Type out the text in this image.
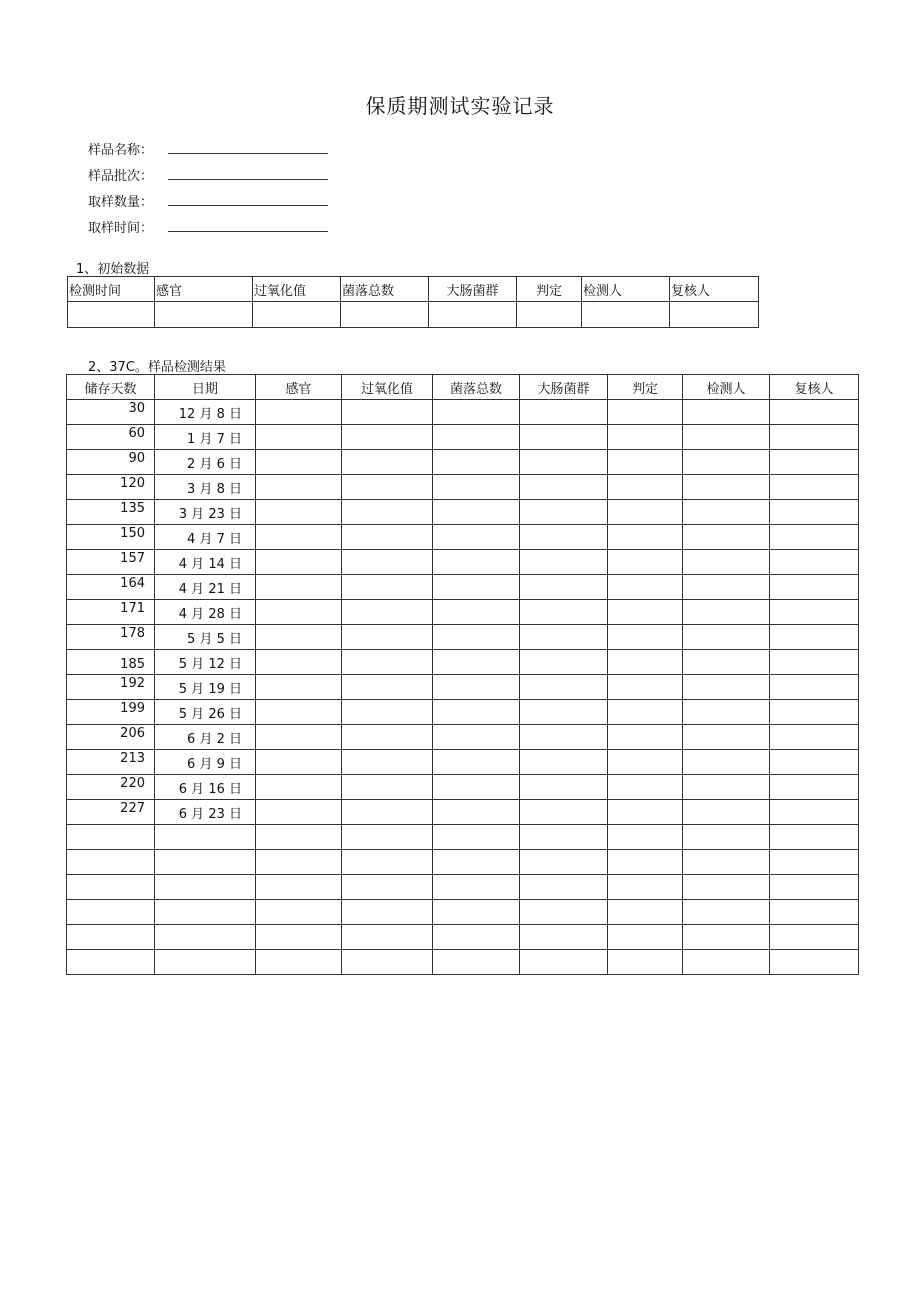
保质期测试实验记录
样品名称：
样品批次：
取样数量：
取样时间：
1、初始数据
检测时间	感官	过氧化值	菌落总数	大肠菌群	判定	检测人	复核人

2、37C。样品检测结果
储存天数	日期	感官	过氧化值	菌落总数	大肠菌群	判定	检测人	复核人
30	12 月 8 日							
60	1 月 7 日							
90	2 月 6 日							
120	3 月 8 日							
135	3 月 23 日							
150	4 月 7 日							
157	4 月 14 日							
164	4 月 21 日							
171	4 月 28 日							
178	5 月 5 日							
185	5 月 12 日							
192	5 月 19 日							
199	5 月 26 日							
206	6 月 2 日							
213	6 月 9 日							
220	6 月 16 日							
227	6 月 23 日							
